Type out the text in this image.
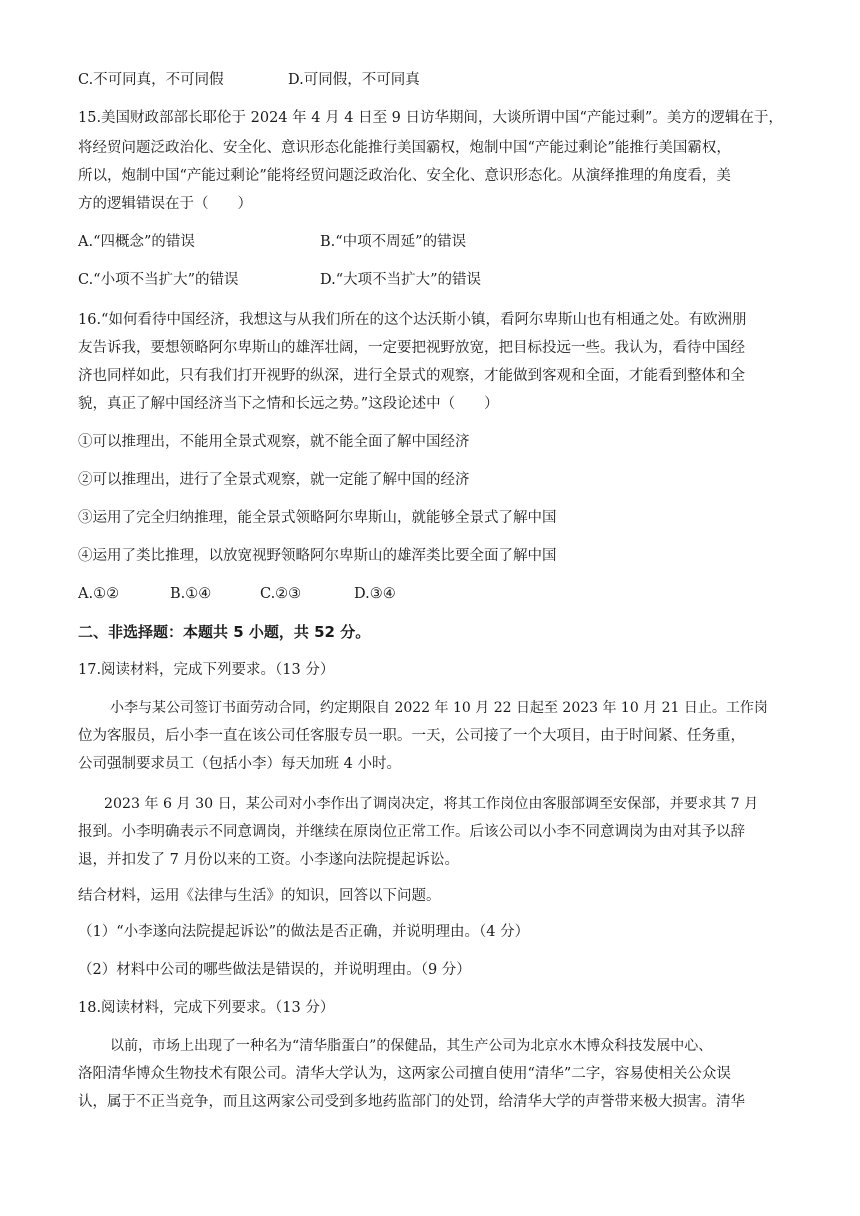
C.不可同真，不可同假	D.可同假，不可同真
15.美国财政部部长耶伦于 2024 年 4 月 4 日至 9 日访华期间，大谈所谓中国“产能过剩”。美方的逻辑在于，
将经贸问题泛政治化、安全化、意识形态化能推行美国霸权，炮制中国“产能过剩论”能推行美国霸权，
所以，炮制中国“产能过剩论”能将经贸问题泛政治化、安全化、意识形态化。从演绎推理的角度看，美
方的逻辑错误在于（　　）
A.“四概念”的错误	B.“中项不周延”的错误
C.“小项不当扩大”的错误	D.“大项不当扩大”的错误
16.“如何看待中国经济，我想这与从我们所在的这个达沃斯小镇，看阿尔卑斯山也有相通之处。有欧洲朋
友告诉我，要想领略阿尔卑斯山的雄浑壮阔，一定要把视野放宽，把目标投远一些。我认为，看待中国经
济也同样如此，只有我们打开视野的纵深，进行全景式的观察，才能做到客观和全面，才能看到整体和全
貌，真正了解中国经济当下之情和长远之势。”这段论述中（　　）
①可以推理出，不能用全景式观察，就不能全面了解中国经济
②可以推理出，进行了全景式观察，就一定能了解中国的经济
③运用了完全归纳推理，能全景式领略阿尔卑斯山，就能够全景式了解中国
④运用了类比推理，以放宽视野领略阿尔卑斯山的雄浑类比要全面了解中国
A.①②	B.①④	C.②③	D.③④
二、非选择题：本题共 5 小题，共 52 分。
17.阅读材料，完成下列要求。（13 分）
小李与某公司签订书面劳动合同，约定期限自 2022 年 10 月 22 日起至 2023 年 10 月 21 日止。工作岗
位为客服员，后小李一直在该公司任客服专员一职。一天，公司接了一个大项目，由于时间紧、任务重，
公司强制要求员工（包括小李）每天加班 4 小时。
2023 年 6 月 30 日，某公司对小李作出了调岗决定，将其工作岗位由客服部调至安保部，并要求其 7 月
报到。小李明确表示不同意调岗，并继续在原岗位正常工作。后该公司以小李不同意调岗为由对其予以辞
退，并扣发了 7 月份以来的工资。小李遂向法院提起诉讼。
结合材料，运用《法律与生活》的知识，回答以下问题。
（1）“小李遂向法院提起诉讼”的做法是否正确，并说明理由。（4 分）
（2）材料中公司的哪些做法是错误的，并说明理由。（9 分）
18.阅读材料，完成下列要求。（13 分）
以前，市场上出现了一种名为“清华脂蛋白”的保健品，其生产公司为北京水木博众科技发展中心、
洛阳清华博众生物技术有限公司。清华大学认为，这两家公司擅自使用“清华”二字，容易使相关公众误
认，属于不正当竞争，而且这两家公司受到多地药监部门的处罚，给清华大学的声誉带来极大损害。清华
